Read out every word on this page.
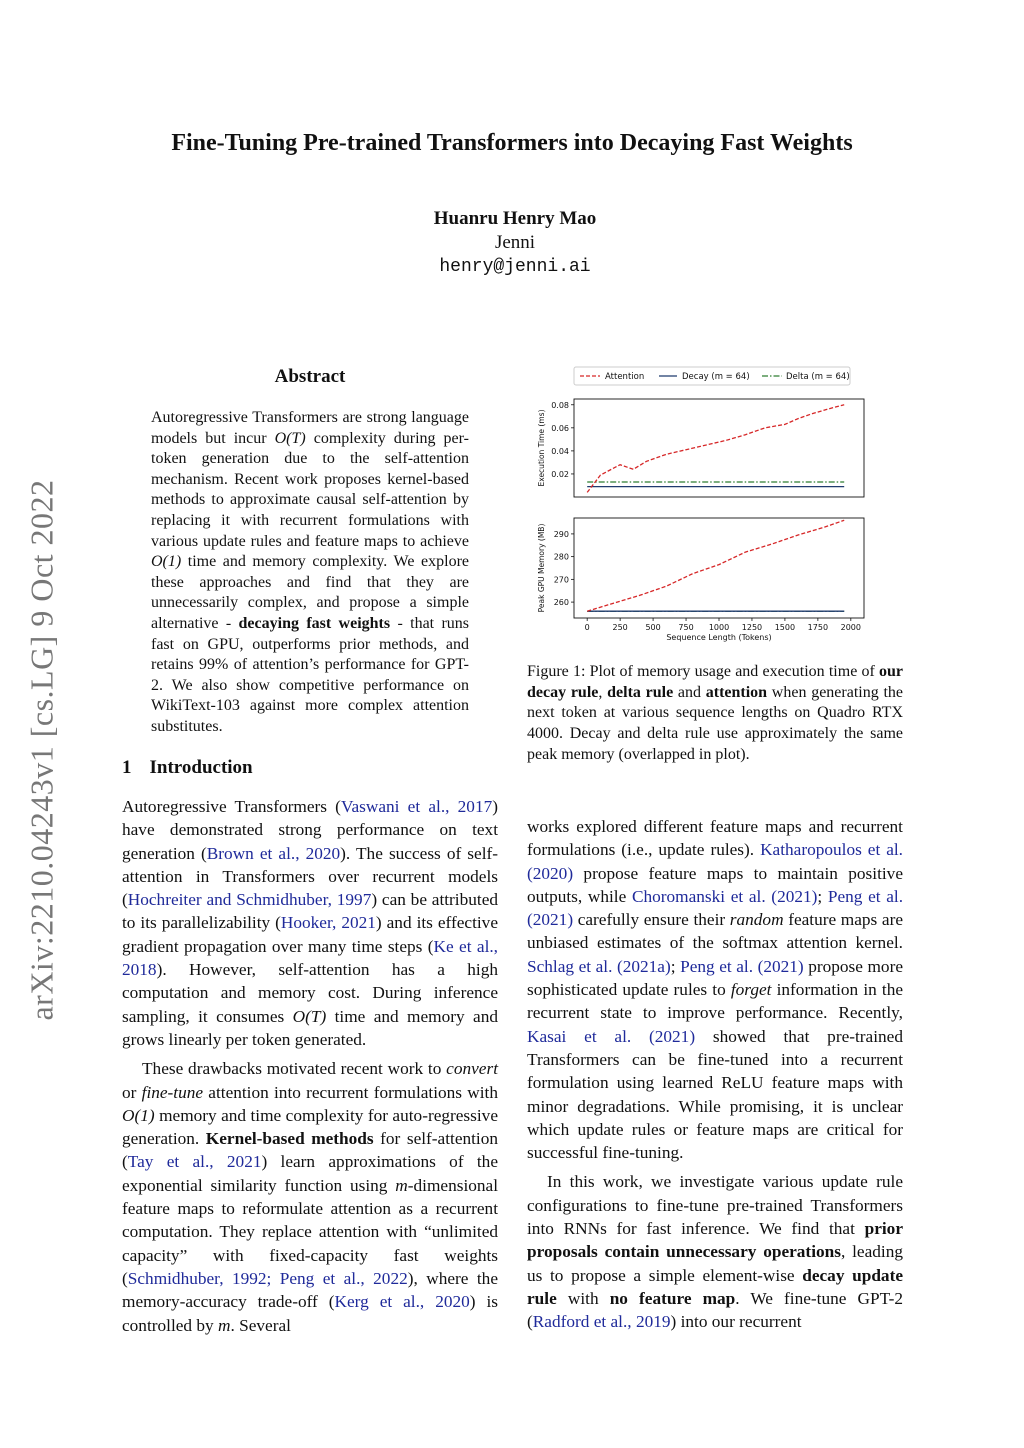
Fine-Tuning Pre-trained Transformers into Decaying Fast Weights
Huanru Henry Mao
Jenni
henry@jenni.ai
arXiv:2210.04243v1 [cs.LG] 9 Oct 2022
Abstract
Autoregressive Transformers are strong language models but incur O(T) complexity during per-token generation due to the self-attention mechanism. Recent work proposes kernel-based methods to approximate causal self-attention by replacing it with recurrent formulations with various update rules and feature maps to achieve O(1) time and memory complexity. We explore these approaches and find that they are unnecessarily complex, and propose a simple alternative - decaying fast weights - that runs fast on GPU, outperforms prior methods, and retains 99% of attention’s performance for GPT-2. We also show competitive performance on WikiText-103 against more complex attention substitutes.
1 Introduction

Autoregressive Transformers (Vaswani et al., 2017) have demonstrated strong performance on text generation (Brown et al., 2020). The success of self-attention in Transformers over recurrent models (Hochreiter and Schmidhuber, 1997) can be attributed to its parallelizability (Hooker, 2021) and its effective gradient propagation over many time steps (Ke et al., 2018). However, self-attention has a high computation and memory cost. During inference sampling, it consumes O(T) time and memory and grows linearly per token generated.

These drawbacks motivated recent work to convert or fine-tune attention into recurrent formulations with O(1) memory and time complexity for auto-regressive generation. Kernel-based methods for self-attention (Tay et al., 2021) learn approximations of the exponential similarity function using m-dimensional feature maps to reformulate attention as a recurrent computation. They replace attention with “unlimited capacity” with fixed-capacity fast weights (Schmidhuber, 1992; Peng et al., 2022), where the memory-accuracy trade-off (Kerg et al., 2020) is controlled by m. Several

Attention	Decay (m = 64)	Delta (m = 64)
0.02
0.04
0.06
0.08
Execution Time (ms)
260
270
280
290
0	250 500 750 1000 1250 1500 1750 2000
Peak GPU Memory (MB)
Sequence Length (Tokens)
Figure 1: Plot of memory usage and execution time of our decay rule, delta rule and attention when generating the next token at various sequence lengths on Quadro RTX 4000. Decay and delta rule use approximately the same peak memory (overlapped in plot).

works explored different feature maps and recurrent formulations (i.e., update rules). Katharopoulos et al. (2020) propose feature maps to maintain positive outputs, while Choromanski et al. (2021); Peng et al. (2021) carefully ensure their random feature maps are unbiased estimates of the softmax attention kernel. Schlag et al. (2021a); Peng et al. (2021) propose more sophisticated update rules to forget information in the recurrent state to improve performance. Recently, Kasai et al. (2021) showed that pre-trained Transformers can be fine-tuned into a recurrent formulation using learned ReLU feature maps with minor degradations. While promising, it is unclear which update rules or feature maps are critical for successful fine-tuning.

In this work, we investigate various update rule configurations to fine-tune pre-trained Transformers into RNNs for fast inference. We find that prior proposals contain unnecessary operations, leading us to propose a simple element-wise decay update rule with no feature map. We fine-tune GPT-2 (Radford et al., 2019) into our recurrent
